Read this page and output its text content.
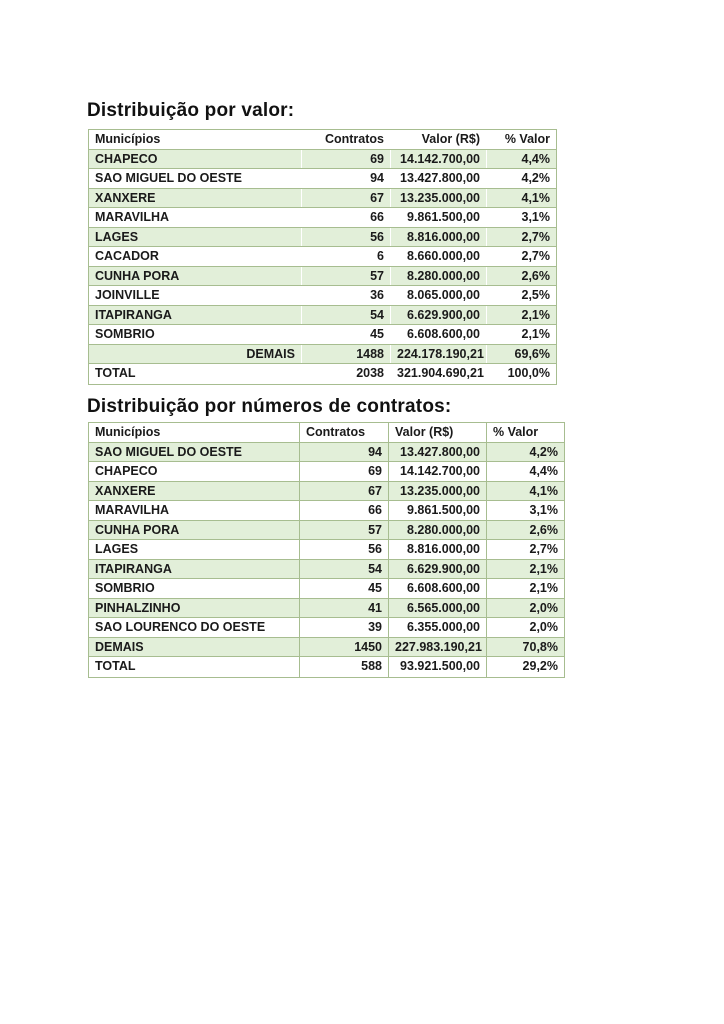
Distribuição por valor:
Municípios	Contratos	Valor (R$)	% Valor
CHAPECO	69	14.142.700,00	4,4%
SAO MIGUEL DO OESTE	94	13.427.800,00	4,2%
XANXERE	67	13.235.000,00	4,1%
MARAVILHA	66	9.861.500,00	3,1%
LAGES	56	8.816.000,00	2,7%
CACADOR	6	8.660.000,00	2,7%
CUNHA PORA	57	8.280.000,00	2,6%
JOINVILLE	36	8.065.000,00	2,5%
ITAPIRANGA	54	6.629.900,00	2,1%
SOMBRIO	45	6.608.600,00	2,1%
DEMAIS	1488	224.178.190,21	69,6%
TOTAL	2038	321.904.690,21	100,0%
Distribuição por números de contratos:
Municípios	Contratos	Valor (R$)	% Valor
SAO MIGUEL DO OESTE	94	13.427.800,00	4,2%
CHAPECO	69	14.142.700,00	4,4%
XANXERE	67	13.235.000,00	4,1%
MARAVILHA	66	9.861.500,00	3,1%
CUNHA PORA	57	8.280.000,00	2,6%
LAGES	56	8.816.000,00	2,7%
ITAPIRANGA	54	6.629.900,00	2,1%
SOMBRIO	45	6.608.600,00	2,1%
PINHALZINHO	41	6.565.000,00	2,0%
SAO LOURENCO DO OESTE	39	6.355.000,00	2,0%
DEMAIS	1450	227.983.190,21	70,8%
TOTAL	588	93.921.500,00	29,2%
